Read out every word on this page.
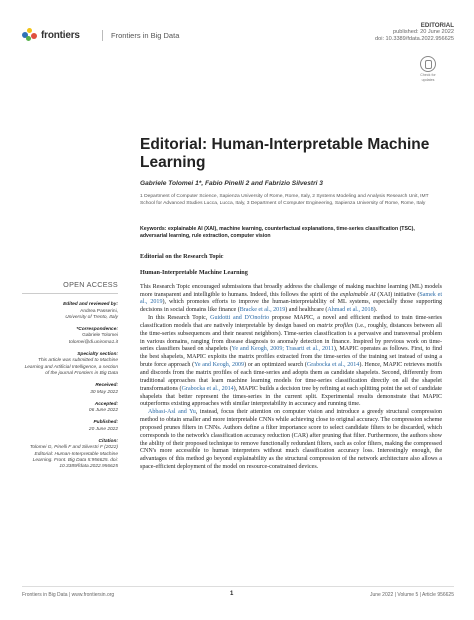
frontiers	Frontiers in Big Data
EDITORIAL
published: 20 June 2022
doi: 10.3389/fdata.2022.956625
Check for
updates
Editorial: Human-Interpretable Machine Learning
Gabriele Tolomei 1*, Fabio Pinelli 2 and Fabrizio Silvestri 3
1 Department of Computer Science, Sapienza University of Rome, Rome, Italy, 2 Systems Modeling and Analysis Research Unit, IMT School for Advanced Studies Lucca, Lucca, Italy, 3 Department of Computer Engineering, Sapienza University of Rome, Rome, Italy
Keywords: explainable AI (XAI), machine learning, counterfactual explanations, time-series classification (TSC), adversarial learning, rule extraction, computer vision
Editorial on the Research Topic
Human-Interpretable Machine Learning

This Research Topic encouraged submissions that broadly address the challenge of making machine learning (ML) models more transparent and intelligible to humans. Indeed, this follows the spirit of the explainable AI (XAI) initiative (Samek et al., 2019), which promotes efforts to improve the human-interpretability of ML systems, especially those supporting decisions in social domains like finance (Bracke et al., 2019) and healthcare (Ahmad et al., 2018).

In this Research Topic, Guidotti and D'Onofrio propose MAPIC, a novel and efficient method to train time-series classification models that are natively interpretable by design based on matrix profiles (i.e., roughly, distances between all the time-series subsequences and their nearest neighbors). Time-series classification is a pervasive and transversal problem in various domains, ranging from disease diagnosis to anomaly detection in finance. Inspired by previous work on time-series classifiers based on shapelets (Ye and Keogh, 2009; Trasarti et al., 2011), MAPIC operates as follows. First, to find the best shapelets, MAPIC exploits the matrix profiles extracted from the time-series of the training set instead of using a brute force approach (Ye and Keogh, 2009) or an optimized search (Grabocka et al., 2014). Hence, MAPIC retrieves motifs and discords from the matrix profiles of each time-series and adopts them as candidate shapelets. Second, differently from traditional approaches that learn machine learning models for time-series classification directly on all the shapelet transformations (Grabocka et al., 2014), MAPIC builds a decision tree by refining at each splitting point the set of candidate shapelets that better represent the times-series in the current split. Experimental results demonstrate that MAPIC outperforms existing approaches with similar interpretability in accuracy and running time.

Abbasi-Asl and Yu, instead, focus their attention on computer vision and introduce a greedy structural compression method to obtain smaller and more interpretable CNNs while achieving close to original accuracy. The compression scheme proposed prunes filters in CNNs. Authors define a filter importance score to select candidate filters to be discarded, which corresponds to the network's classification accuracy reduction (CAR) after pruning that filter. Furthermore, the authors show the ability of their proposed technique to remove functionally redundant filters, such as color filters, making the compressed CNN's more accessible to human interpreters without much classification accuracy loss. Interestingly enough, the advantages of this method go beyond explainability as the structural compression of the network architecture also allows a space-efficient deployment of the model on resource-constrained devices.

OPEN ACCESS
Edited and reviewed by:
Andrea Passerini,
University of Trento, Italy
*Correspondence:
Gabriele Tolomei
tolomei@di.uniroma1.it
Specialty section:
This article was submitted to Machine Learning and Artificial Intelligence, a section of the journal Frontiers in Big Data
Received:
30 May 2022
Accepted:
06 June 2022
Published:
20 June 2022
Citation:
Tolomei G, Pinelli F and Silvestri F (2022) Editorial: Human-Interpretable Machine Learning. Front. Big Data 5:956625. doi: 10.3389/fdata.2022.956625
Frontiers in Big Data | www.frontiersin.org	1	June 2022 | Volume 5 | Article 956625
